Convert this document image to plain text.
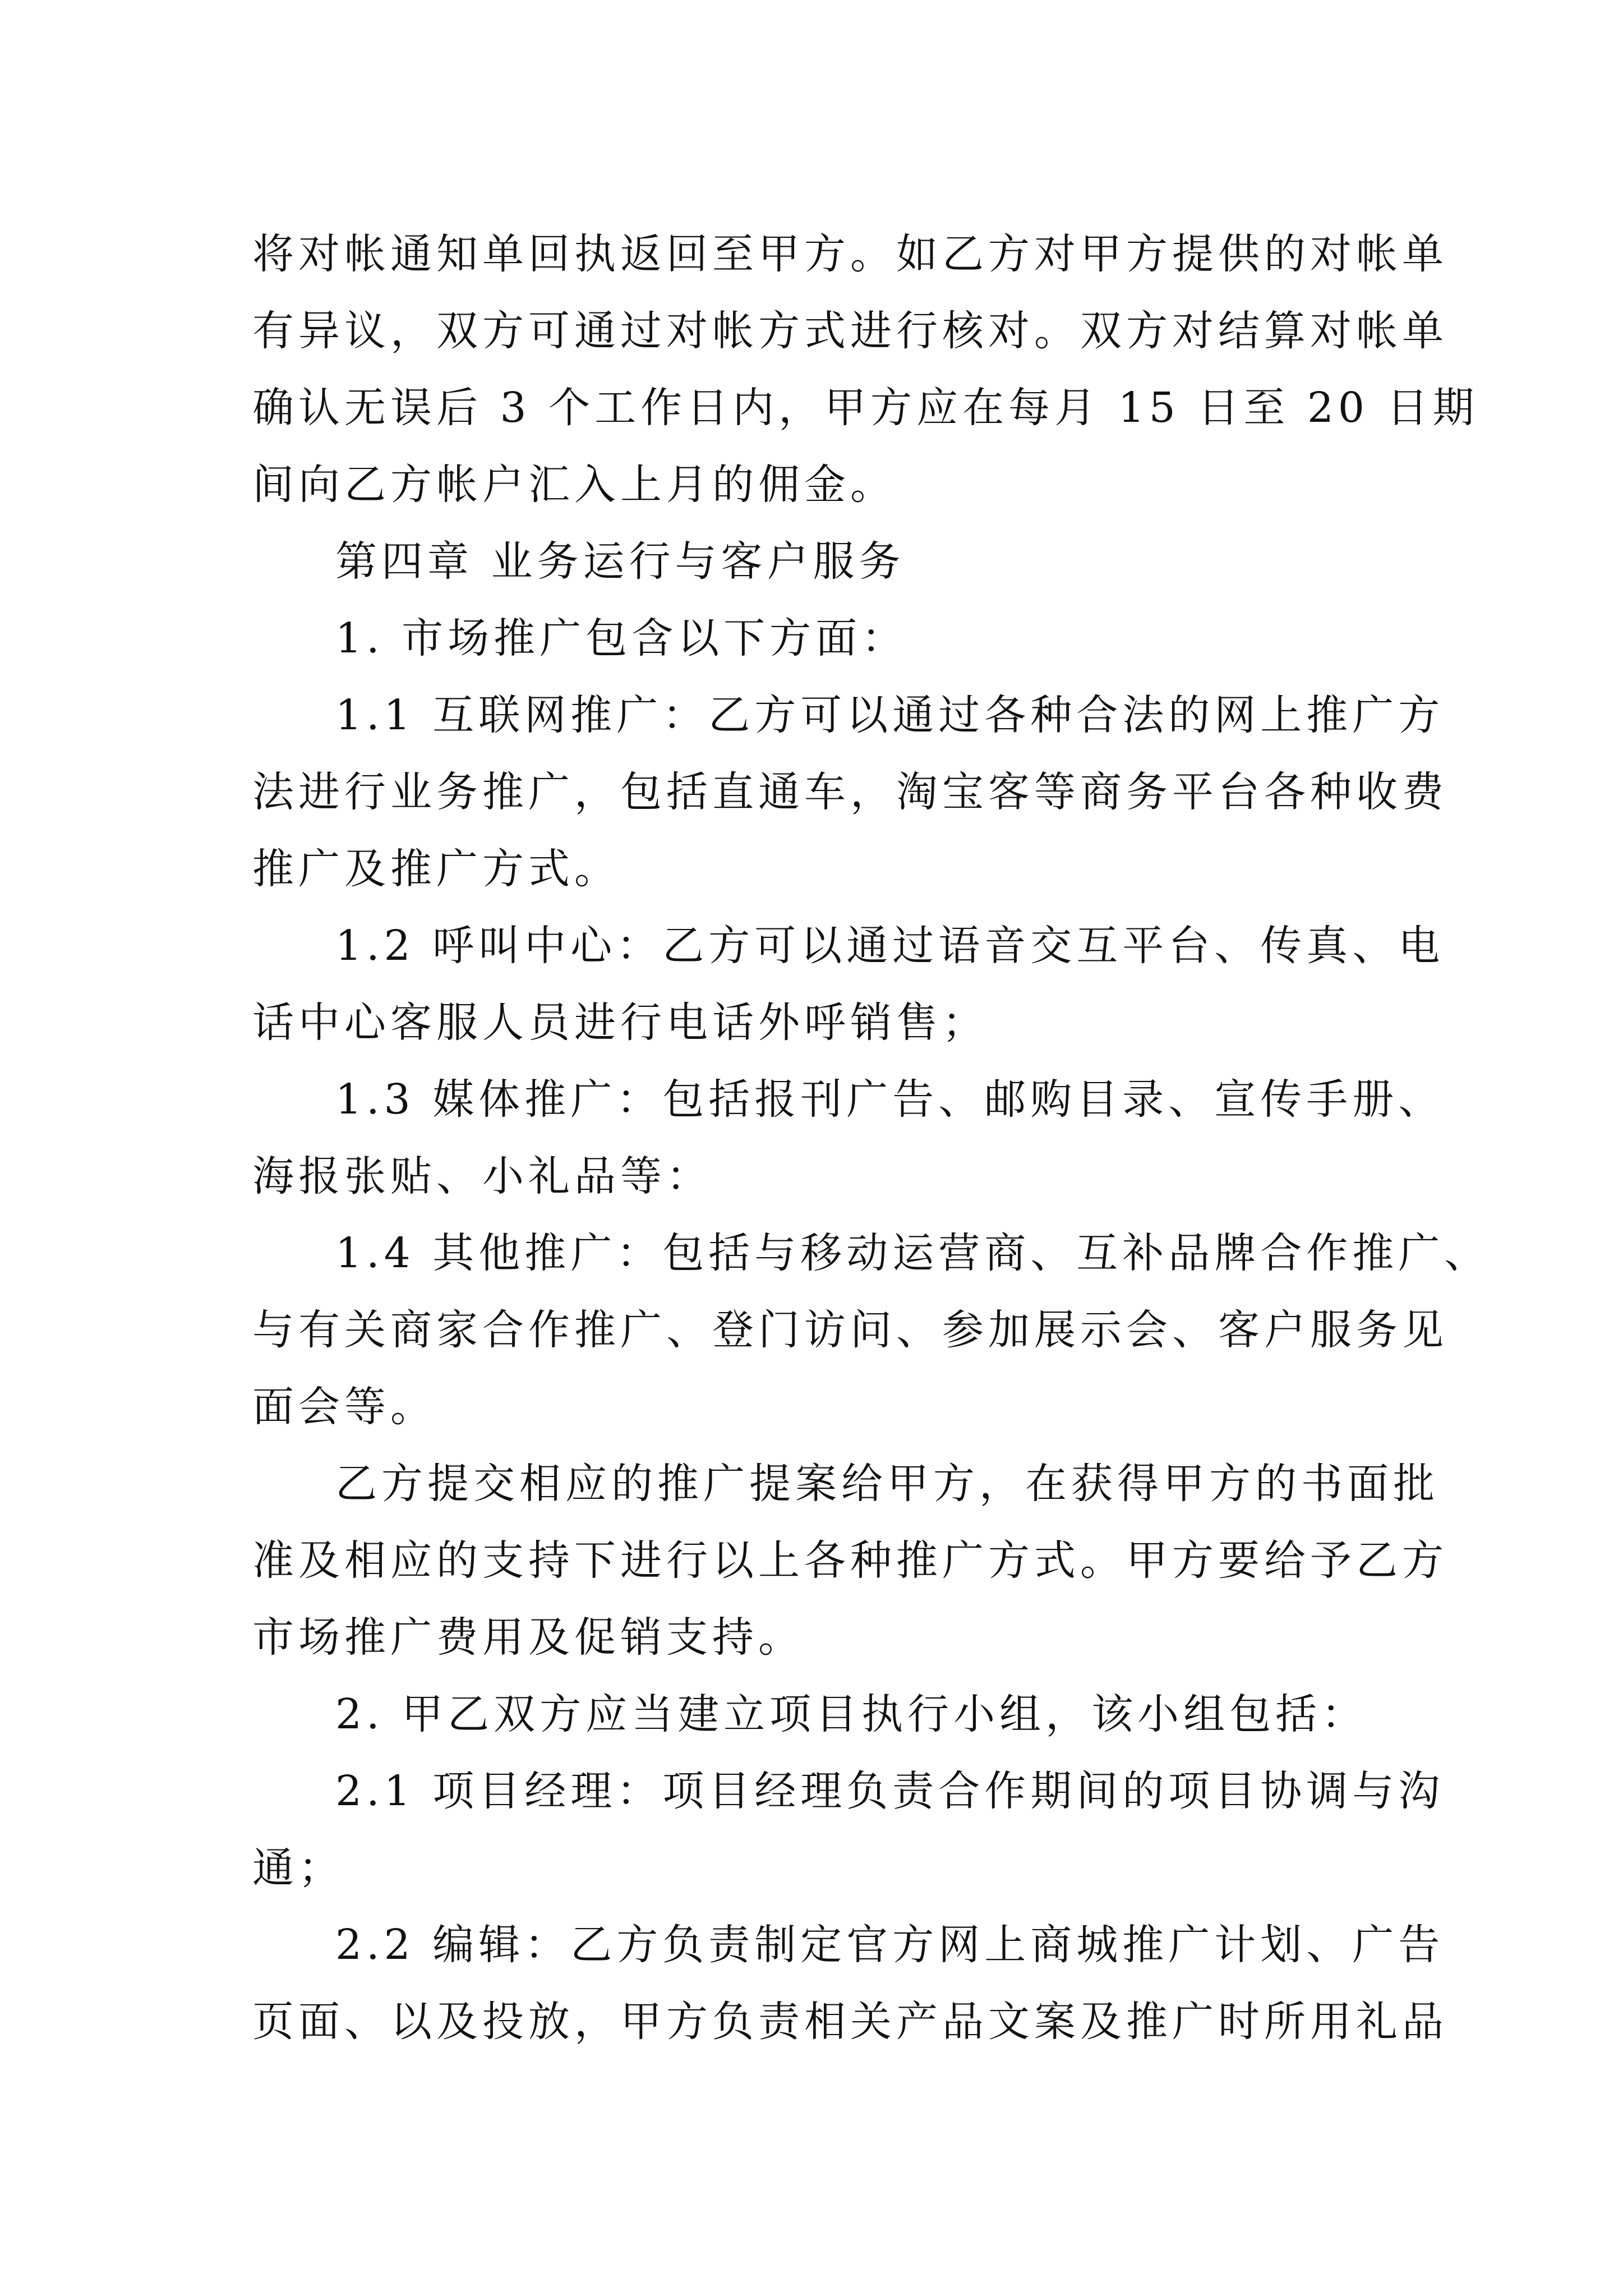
将对帐通知单回执返回至甲方。如乙方对甲方提供的对帐单
有异议，双方可通过对帐方式进行核对。双方对结算对帐单
确认无误后 3 个工作日内，甲方应在每月 15 日至 20 日期
间向乙方帐户汇入上月的佣金。
第四章 业务运行与客户服务
1. 市场推广包含以下方面：
1.1 互联网推广：乙方可以通过各种合法的网上推广方
法进行业务推广，包括直通车，淘宝客等商务平台各种收费
推广及推广方式。
1.2 呼叫中心：乙方可以通过语音交互平台、传真、电
话中心客服人员进行电话外呼销售；
1.3 媒体推广：包括报刊广告、邮购目录、宣传手册、
海报张贴、小礼品等：
1.4 其他推广：包括与移动运营商、互补品牌合作推广、
与有关商家合作推广、登门访问、参加展示会、客户服务见
面会等。
乙方提交相应的推广提案给甲方，在获得甲方的书面批
准及相应的支持下进行以上各种推广方式。甲方要给予乙方
市场推广费用及促销支持。
2. 甲乙双方应当建立项目执行小组，该小组包括：
2.1 项目经理：项目经理负责合作期间的项目协调与沟
通；
2.2 编辑：乙方负责制定官方网上商城推广计划、广告
页面、以及投放，甲方负责相关产品文案及推广时所用礼品
